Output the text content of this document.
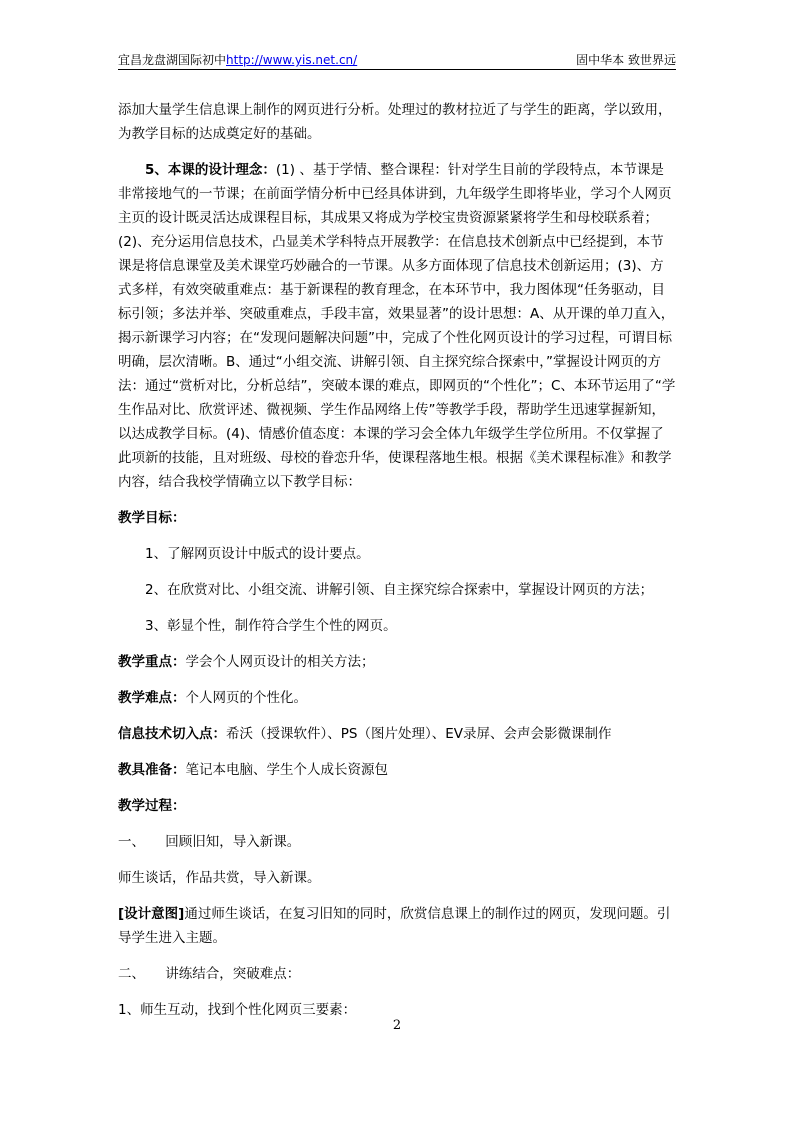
宜昌龙盘湖国际初中http://www.yis.net.cn/	固中华本 致世界远

添加大量学生信息课上制作的网页进行分析。处理过的教材拉近了与学生的距离，学以致用，为教学目标的达成奠定好的基础。

5、本课的设计理念：(1) 、基于学情、整合课程：针对学生目前的学段特点，本节课是非常接地气的一节课；在前面学情分析中已经具体讲到，九年级学生即将毕业，学习个人网页主页的设计既灵活达成课程目标，其成果又将成为学校宝贵资源紧紧将学生和母校联系着；(2)、充分运用信息技术，凸显美术学科特点开展教学：在信息技术创新点中已经提到，本节课是将信息课堂及美术课堂巧妙融合的一节课。从多方面体现了信息技术创新运用；(3)、方式多样，有效突破重难点：基于新课程的教育理念，在本环节中，我力图体现“任务驱动，目标引领；多法并举、突破重难点，手段丰富，效果显著”的设计思想：A、从开课的单刀直入，揭示新课学习内容；在“发现问题解决问题”中，完成了个性化网页设计的学习过程，可谓目标明确，层次清晰。B、通过“小组交流、讲解引领、自主探究综合探索中，”掌握设计网页的方法：通过“赏析对比，分析总结”，突破本课的难点，即网页的“个性化”；C、本环节运用了“学生作品对比、欣赏评述、微视频、学生作品网络上传”等教学手段，帮助学生迅速掌握新知，以达成教学目标。(4)、情感价值态度：本课的学习会全体九年级学生学位所用。不仅掌握了此项新的技能，且对班级、母校的眷恋升华，使课程落地生根。根据《美术课程标准》和教学内容，结合我校学情确立以下教学目标：

教学目标：

1、了解网页设计中版式的设计要点。

2、在欣赏对比、小组交流、讲解引领、自主探究综合探索中，掌握设计网页的方法；

3、彰显个性，制作符合学生个性的网页。

教学重点：学会个人网页设计的相关方法；

教学难点：个人网页的个性化。

信息技术切入点：希沃（授课软件）、PS（图片处理）、EV录屏、会声会影微课制作

教具准备：笔记本电脑、学生个人成长资源包

教学过程：

一、　　回顾旧知，导入新课。

师生谈话，作品共赏，导入新课。

[设计意图]通过师生谈话，在复习旧知的同时，欣赏信息课上的制作过的网页，发现问题。引导学生进入主题。

二、　　讲练结合，突破难点：

1、师生互动，找到个性化网页三要素：

2
